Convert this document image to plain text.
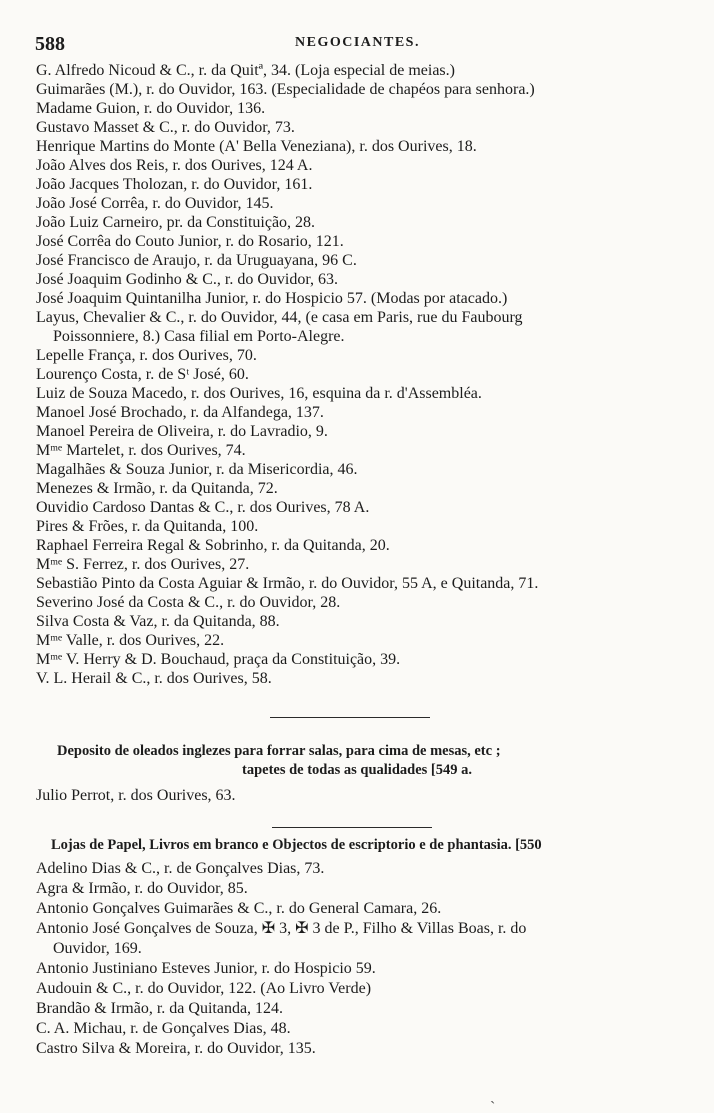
588	NEGOCIANTES.
G. Alfredo Nicoud & C., r. da Quitª, 34. (Loja especial de meias.)
Guimarães (M.), r. do Ouvidor, 163. (Especialidade de chapéos para senhora.)
Madame Guion, r. do Ouvidor, 136.
Gustavo Masset & C., r. do Ouvidor, 73.
Henrique Martins do Monte (A' Bella Veneziana), r. dos Ourives, 18.
João Alves dos Reis, r. dos Ourives, 124 A.
João Jacques Tholozan, r. do Ouvidor, 161.
João José Corrêa, r. do Ouvidor, 145.
João Luiz Carneiro, pr. da Constituição, 28.
José Corrêa do Couto Junior, r. do Rosario, 121.
José Francisco de Araujo, r. da Uruguayana, 96 C.
José Joaquim Godinho & C., r. do Ouvidor, 63.
José Joaquim Quintanilha Junior, r. do Hospicio 57. (Modas por atacado.)
Layus, Chevalier & C., r. do Ouvidor, 44, (e casa em Paris, rue du Faubourg
Poissonniere, 8.) Casa filial em Porto-Alegre.
Lepelle França, r. dos Ourives, 70.
Lourenço Costa, r. de Sᵗ José, 60.
Luiz de Souza Macedo, r. dos Ourives, 16, esquina da r. d'Assembléa.
Manoel José Brochado, r. da Alfandega, 137.
Manoel Pereira de Oliveira, r. do Lavradio, 9.
Mᵐᵉ Martelet, r. dos Ourives, 74.
Magalhães & Souza Junior, r. da Misericordia, 46.
Menezes & Irmão, r. da Quitanda, 72.
Ouvidio Cardoso Dantas & C., r. dos Ourives, 78 A.
Pires & Frões, r. da Quitanda, 100.
Raphael Ferreira Regal & Sobrinho, r. da Quitanda, 20.
Mᵐᵉ S. Ferrez, r. dos Ourives, 27.
Sebastião Pinto da Costa Aguiar & Irmão, r. do Ouvidor, 55 A, e Quitanda, 71.
Severino José da Costa & C., r. do Ouvidor, 28.
Silva Costa & Vaz, r. da Quitanda, 88.
Mᵐᵉ Valle, r. dos Ourives, 22.
Mᵐᵉ V. Herry & D. Bouchaud, praça da Constituição, 39.
V. L. Herail & C., r. dos Ourives, 58.
Deposito de oleados inglezes para forrar salas, para cima de mesas, etc ;
tapetes de todas as qualidades [549 a.
Julio Perrot, r. dos Ourives, 63.
Lojas de Papel, Livros em branco e Objectos de escriptorio e de phantasia. [550
Adelino Dias & C., r. de Gonçalves Dias, 73.
Agra & Irmão, r. do Ouvidor, 85.
Antonio Gonçalves Guimarães & C., r. do General Camara, 26.
Antonio José Gonçalves de Souza, ✠ 3, ✠ 3 de P., Filho & Villas Boas, r. do
Ouvidor, 169.
Antonio Justiniano Esteves Junior, r. do Hospicio 59.
Audouin & C., r. do Ouvidor, 122. (Ao Livro Verde)
Brandão & Irmão, r. da Quitanda, 124.
C. A. Michau, r. de Gonçalves Dias, 48.
Castro Silva & Moreira, r. do Ouvidor, 135.
˴
